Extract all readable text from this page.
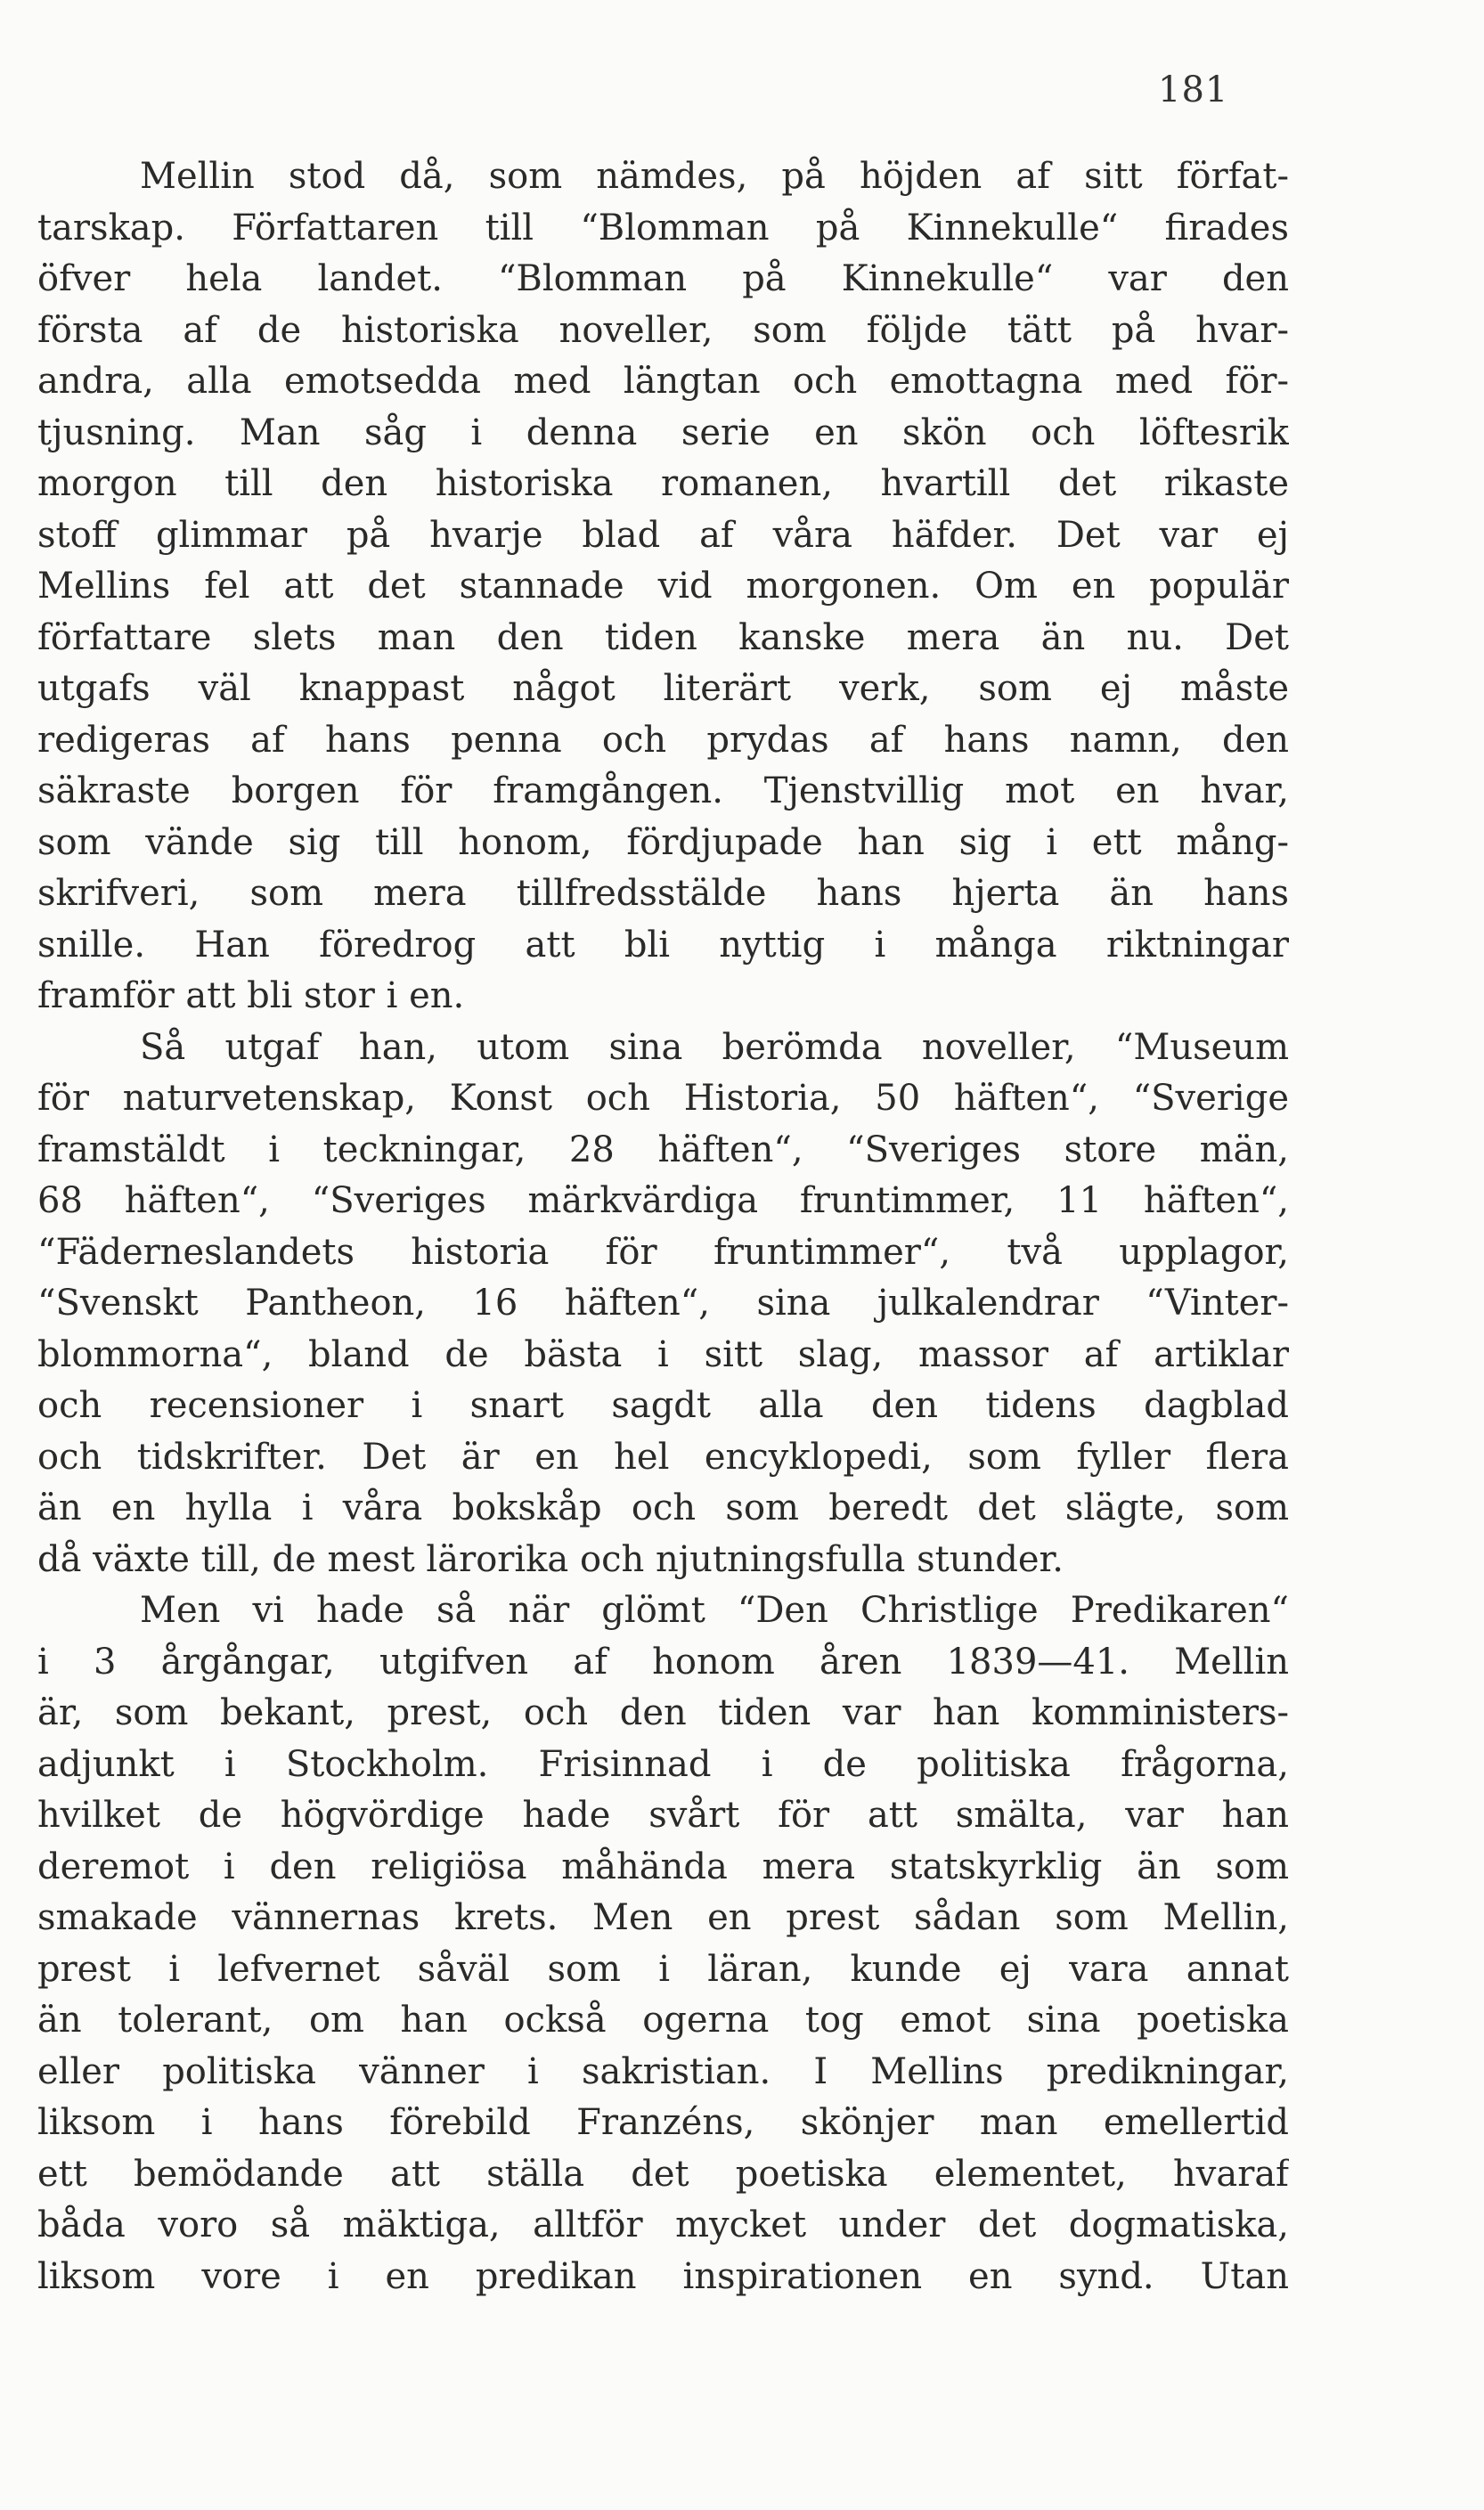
181
Mellin stod då, som nämdes, på höjden af sitt förfat-
tarskap. Författaren till “Blomman på Kinnekulle“ firades
öfver hela landet. “Blomman på Kinnekulle“ var den
första af de historiska noveller, som följde tätt på hvar-
andra, alla emotsedda med längtan och emottagna med för-
tjusning. Man såg i denna serie en skön och löftesrik
morgon till den historiska romanen, hvartill det rikaste
stoff glimmar på hvarje blad af våra häfder. Det var ej
Mellins fel att det stannade vid morgonen. Om en populär
författare slets man den tiden kanske mera än nu. Det
utgafs väl knappast något literärt verk, som ej måste
redigeras af hans penna och prydas af hans namn, den
säkraste borgen för framgången. Tjenstvillig mot en hvar,
som vände sig till honom, fördjupade han sig i ett mång-
skrifveri, som mera tillfredsstälde hans hjerta än hans
snille. Han föredrog att bli nyttig i många riktningar
framför att bli stor i en.
Så utgaf han, utom sina berömda noveller, “Museum
för naturvetenskap, Konst och Historia, 50 häften“, “Sverige
framstäldt i teckningar, 28 häften“, “Sveriges store män,
68 häften“, “Sveriges märkvärdiga fruntimmer, 11 häften“,
“Fäderneslandets historia för fruntimmer“, två upplagor,
“Svenskt Pantheon, 16 häften“, sina julkalendrar “Vinter-
blommorna“, bland de bästa i sitt slag, massor af artiklar
och recensioner i snart sagdt alla den tidens dagblad
och tidskrifter. Det är en hel encyklopedi, som fyller flera
än en hylla i våra bokskåp och som beredt det slägte, som
då växte till, de mest lärorika och njutningsfulla stunder.
Men vi hade så när glömt “Den Christlige Predikaren“
i 3 årgångar, utgifven af honom åren 1839—41. Mellin
är, som bekant, prest, och den tiden var han komministers-
adjunkt i Stockholm. Frisinnad i de politiska frågorna,
hvilket de högvördige hade svårt för att smälta, var han
deremot i den religiösa måhända mera statskyrklig än som
smakade vännernas krets. Men en prest sådan som Mellin,
prest i lefvernet såväl som i läran, kunde ej vara annat
än tolerant, om han också ogerna tog emot sina poetiska
eller politiska vänner i sakristian. I Mellins predikningar,
liksom i hans förebild Franzéns, skönjer man emellertid
ett bemödande att ställa det poetiska elementet, hvaraf
båda voro så mäktiga, alltför mycket under det dogmatiska,
liksom vore i en predikan inspirationen en synd. Utan
